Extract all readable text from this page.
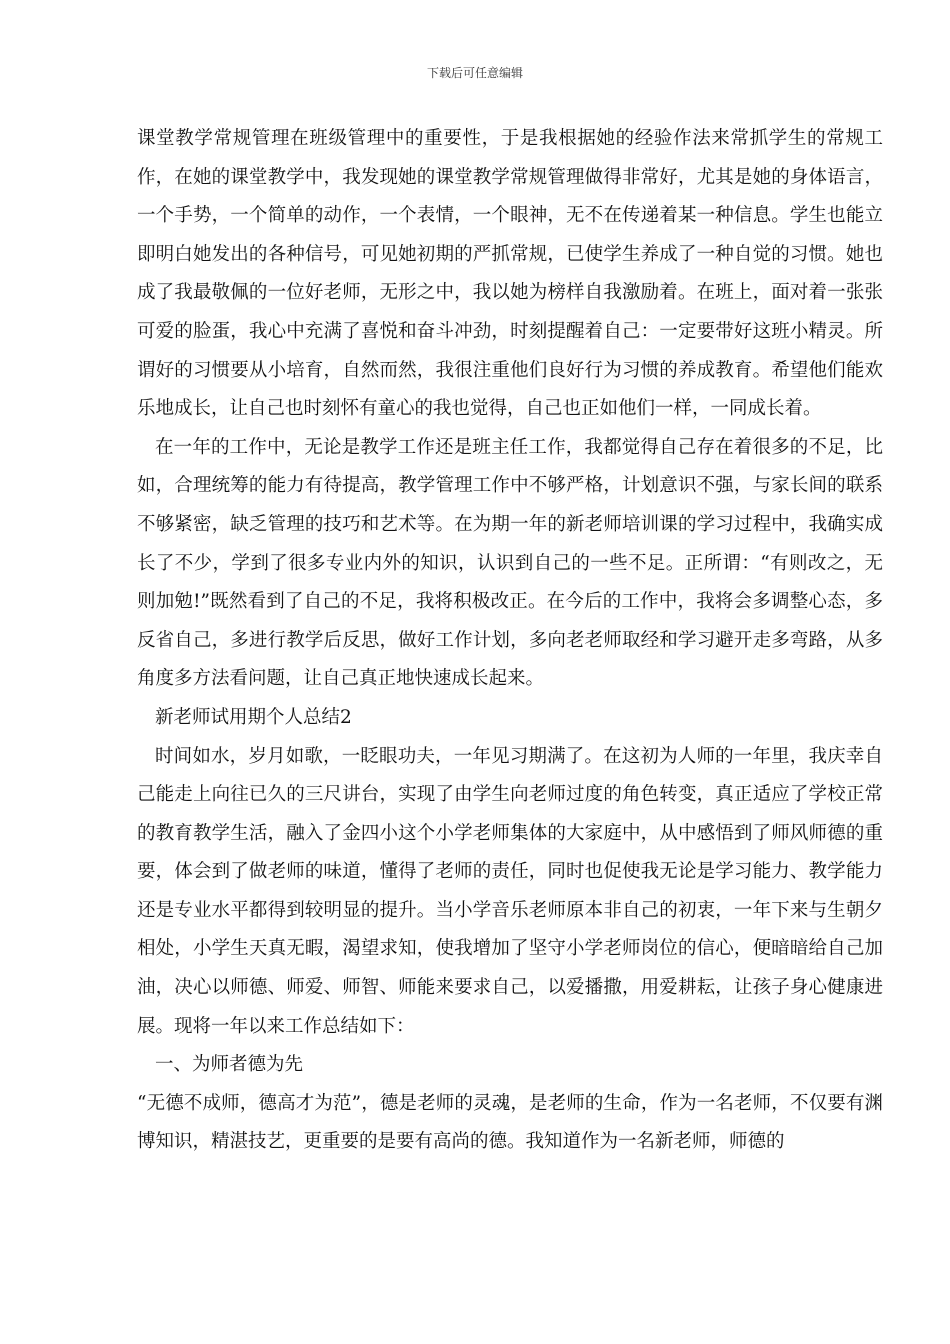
下载后可任意编辑

课堂教学常规管理在班级管理中的重要性，于是我根据她的经验作法来常抓学生的常规工作，在她的课堂教学中，我发现她的课堂教学常规管理做得非常好，尤其是她的身体语言，一个手势，一个简单的动作，一个表情，一个眼神，无不在传递着某一种信息。学生也能立即明白她发出的各种信号，可见她初期的严抓常规，已使学生养成了一种自觉的习惯。她也成了我最敬佩的一位好老师，无形之中，我以她为榜样自我激励着。在班上，面对着一张张可爱的脸蛋，我心中充满了喜悦和奋斗冲劲，时刻提醒着自己：一定要带好这班小精灵。所谓好的习惯要从小培育，自然而然，我很注重他们良好行为习惯的养成教育。希望他们能欢乐地成长，让自己也时刻怀有童心的我也觉得，自己也正如他们一样，一同成长着。

在一年的工作中，无论是教学工作还是班主任工作，我都觉得自己存在着很多的不足，比如，合理统筹的能力有待提高，教学管理工作中不够严格，计划意识不强，与家长间的联系不够紧密，缺乏管理的技巧和艺术等。在为期一年的新老师培训课的学习过程中，我确实成长了不少，学到了很多专业内外的知识，认识到自己的一些不足。正所谓：“有则改之，无则加勉!”既然看到了自己的不足，我将积极改正。在今后的工作中，我将会多调整心态，多反省自己，多进行教学后反思，做好工作计划，多向老老师取经和学习避开走多弯路，从多角度多方法看问题，让自己真正地快速成长起来。

新老师试用期个人总结2

时间如水，岁月如歌，一眨眼功夫，一年见习期满了。在这初为人师的一年里，我庆幸自己能走上向往已久的三尺讲台，实现了由学生向老师过度的角色转变，真正适应了学校正常的教育教学生活，融入了金四小这个小学老师集体的大家庭中，从中感悟到了师风师德的重要，体会到了做老师的味道，懂得了老师的责任，同时也促使我无论是学习能力、教学能力还是专业水平都得到较明显的提升。当小学音乐老师原本非自己的初衷，一年下来与生朝夕相处，小学生天真无暇，渴望求知，使我增加了坚守小学老师岗位的信心，便暗暗给自己加油，决心以师德、师爱、师智、师能来要求自己，以爱播撒，用爱耕耘，让孩子身心健康进展。现将一年以来工作总结如下：

一、为师者德为先

“无德不成师，德高才为范”，德是老师的灵魂，是老师的生命，作为一名老师，不仅要有渊博知识，精湛技艺，更重要的是要有高尚的德。我知道作为一名新老师，师德的
